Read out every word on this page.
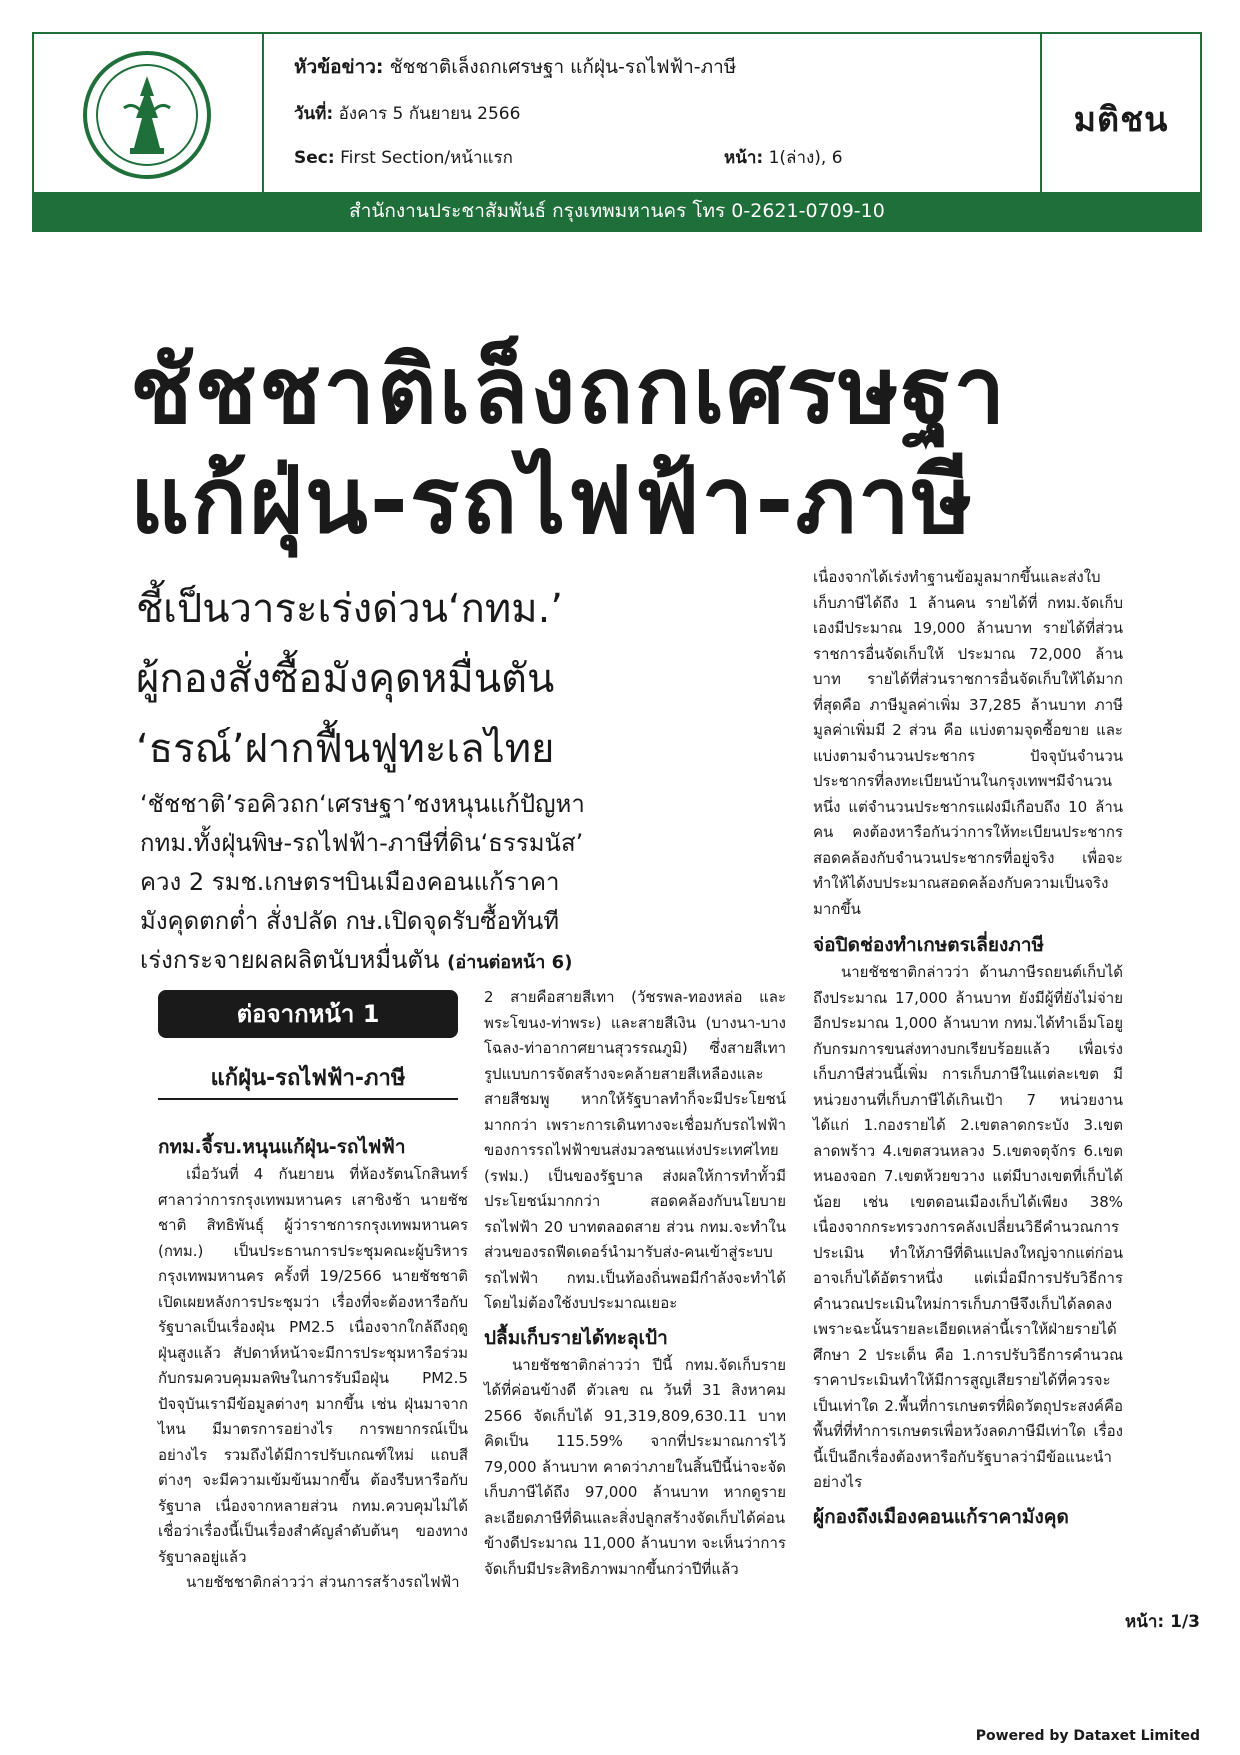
หัวข้อข่าว: ชัชชาติเล็งถกเศรษฐา แก้ฝุ่น-รถไฟฟ้า-ภาษี
วันที่: อังคาร 5 กันยายน 2566
Sec: First Section/หน้าแรก	หน้า: 1(ล่าง), 6
มติชน
สำนักงานประชาสัมพันธ์ กรุงเทพมหานคร โทร 0-2621-0709-10
ชัชชาติเล็งถกเศรษฐา
แก้ฝุ่น-รถไฟฟ้า-ภาษี
ชี้เป็นวาระเร่งด่วน‘กทม.’
ผู้กองสั่งซื้อมังคุดหมื่นตัน
‘ธรณ์’ฝากฟื้นฟูทะเลไทย
‘ชัชชาติ’รอคิวถก‘เศรษฐา’ชงหนุนแก้ปัญหา
กทม.ทั้งฝุ่นพิษ-รถไฟฟ้า-ภาษีที่ดิน‘ธรรมนัส’
ควง 2 รมช.เกษตรฯบินเมืองคอนแก้ราคา
มังคุดตกต่ำ สั่งปลัด กษ.เปิดจุดรับซื้อทันที
เร่งกระจายผลผลิตนับหมื่นตัน (อ่านต่อหน้า 6)
ต่อจากหน้า 1
แก้ฝุ่น-รถไฟฟ้า-ภาษี

กทม.จี้รบ.หนุนแก้ฝุ่น-รถไฟฟ้า

เมื่อวันที่ 4 กันยายน ที่ห้องรัตนโกสินทร์ ศาลาว่าการกรุงเทพมหานคร เสาชิงช้า นายชัชชาติ สิทธิพันธุ์ ผู้ว่าราชการกรุงเทพมหานคร (กทม.) เป็นประธานการประชุมคณะผู้บริหารกรุงเทพมหานคร ครั้งที่ 19/2566 นายชัชชาติเปิดเผยหลังการประชุมว่า เรื่องที่จะต้องหารือกับรัฐบาลเป็นเรื่องฝุ่น PM2.5 เนื่องจากใกล้ถึงฤดูฝุ่นสูงแล้ว สัปดาห์หน้าจะมีการประชุมหารือร่วมกับกรมควบคุมมลพิษในการรับมือฝุ่น PM2.5 ปัจจุบันเรามีข้อมูลต่างๆ มากขึ้น เช่น ฝุ่นมาจากไหน มีมาตรการอย่างไร การพยากรณ์เป็นอย่างไร รวมถึงได้มีการปรับเกณฑ์ใหม่ แถบสีต่างๆ จะมีความเข้มข้นมากขึ้น ต้องรีบหารือกับรัฐบาล เนื่องจากหลายส่วน กทม.ควบคุมไม่ได้ เชื่อว่าเรื่องนี้เป็นเรื่องสำคัญลำดับต้นๆ ของทางรัฐบาลอยู่แล้ว

นายชัชชาติกล่าวว่า ส่วนการสร้างรถไฟฟ้า

2 สายคือสายสีเทา (วัชรพล-ทองหล่อ และพระโขนง-ท่าพระ) และสายสีเงิน (บางนา-บางโฉลง-ท่าอากาศยานสุวรรณภูมิ) ซึ่งสายสีเทารูปแบบการจัดสร้างจะคล้ายสายสีเหลืองและสายสีชมพู หากให้รัฐบาลทำก็จะมีประโยชน์มากกว่า เพราะการเดินทางจะเชื่อมกับรถไฟฟ้าของการรถไฟฟ้าขนส่งมวลชนแห่งประเทศไทย (รฟม.) เป็นของรัฐบาล ส่งผลให้การทำทั้วมีประโยชน์มากกว่า สอดคล้องกับนโยบายรถไฟฟ้า 20 บาทตลอดสาย ส่วน กทม.จะทำในส่วนของรถฟีดเดอร์นำมารับส่ง-คนเข้าสู่ระบบรถไฟฟ้า กทม.เป็นท้องถิ่นพอมีกำลังจะทำได้โดยไม่ต้องใช้งบประมาณเยอะ

ปลื้มเก็บรายได้ทะลุเป้า

นายชัชชาติกล่าวว่า ปีนี้ กทม.จัดเก็บรายได้ที่ค่อนข้างดี ตัวเลข ณ วันที่ 31 สิงหาคม 2566 จัดเก็บได้ 91,319,809,630.11 บาท คิดเป็น 115.59% จากที่ประมาณการไว้ 79,000 ล้านบาท คาดว่าภายในสิ้นปีนี้น่าจะจัดเก็บภาษีได้ถึง 97,000 ล้านบาท หากดูรายละเอียดภาษีที่ดินและสิ่งปลูกสร้างจัดเก็บได้ค่อนข้างดีประมาณ 11,000 ล้านบาท จะเห็นว่าการจัดเก็บมีประสิทธิภาพมากขึ้นกว่าปีที่แล้ว

เนื่องจากได้เร่งทำฐานข้อมูลมากขึ้นและส่งใบเก็บภาษีได้ถึง 1 ล้านคน รายได้ที่ กทม.จัดเก็บเองมีประมาณ 19,000 ล้านบาท รายได้ที่ส่วนราชการอื่นจัดเก็บให้ ประมาณ 72,000 ล้านบาท รายได้ที่ส่วนราชการอื่นจัดเก็บให้ได้มากที่สุดคือ ภาษีมูลค่าเพิ่ม 37,285 ล้านบาท ภาษีมูลค่าเพิ่มมี 2 ส่วน คือ แบ่งตามจุดซื้อขาย และแบ่งตามจำนวนประชากร ปัจจุบันจำนวนประชากรที่ลงทะเบียนบ้านในกรุงเทพฯมีจำนวนหนึ่ง แต่จำนวนประชากรแฝงมีเกือบถึง 10 ล้านคน คงต้องหารือกันว่าการให้ทะเบียนประชากรสอดคล้องกับจำนวนประชากรที่อยู่จริง เพื่อจะทำให้ได้งบประมาณสอดคล้องกับความเป็นจริงมากขึ้น

จ่อปิดช่องทำเกษตรเลี่ยงภาษี

นายชัชชาติกล่าวว่า ด้านภาษีรถยนต์เก็บได้ถึงประมาณ 17,000 ล้านบาท ยังมีผู้ที่ยังไม่จ่ายอีกประมาณ 1,000 ล้านบาท กทม.ได้ทำเอ็มโอยูกับกรมการขนส่งทางบกเรียบร้อยแล้ว เพื่อเร่งเก็บภาษีส่วนนี้เพิ่ม การเก็บภาษีในแต่ละเขต มีหน่วยงานที่เก็บภาษีได้เกินเป้า 7 หน่วยงาน ได้แก่ 1.กองรายได้ 2.เขตลาดกระบัง 3.เขตลาดพร้าว 4.เขตสวนหลวง 5.เขตจตุจักร 6.เขตหนองจอก 7.เขตห้วยขวาง แต่มีบางเขตที่เก็บได้น้อย เช่น เขตดอนเมืองเก็บได้เพียง 38% เนื่องจากกระทรวงการคลังเปลี่ยนวิธีคำนวณการประเมิน ทำให้ภาษีที่ดินแปลงใหญ่จากแต่ก่อนอาจเก็บได้อัตราหนึ่ง แต่เมื่อมีการปรับวิธีการคำนวณประเมินใหม่การเก็บภาษีจึงเก็บได้ลดลง เพราะฉะนั้นรายละเอียดเหล่านี้เราให้ฝ่ายรายได้ศึกษา 2 ประเด็น คือ 1.การปรับวิธีการคำนวณราคาประเมินทำให้มีการสูญเสียรายได้ที่ควรจะเป็นเท่าใด 2.พื้นที่การเกษตรที่ผิดวัตถุประสงค์คือพื้นที่ที่ทำการเกษตรเพื่อหวังลดภาษีมีเท่าใด เรื่องนี้เป็นอีกเรื่องต้องหารือกับรัฐบาลว่ามีข้อแนะนำอย่างไร

ผู้กองถึงเมืองคอนแก้ราคามังคุด

หน้า: 1/3
Powered by Dataxet Limited
